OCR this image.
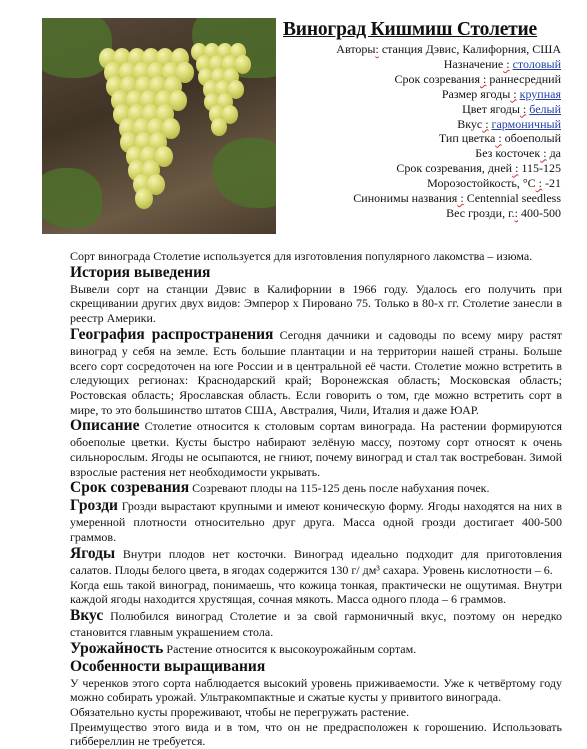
Виноград Кишмиш Столетие
Авторы: станция Дэвис, Калифорния, США
Назначение : столовый
Срок созревания : раннесредний
Размер ягоды : крупная
Цвет ягоды : белый
Вкус : гармоничный
Тип цветка : обоеполый
Без косточек : да
Срок созревания, дней : 115-125
Морозостойкость, °С : -21
Синонимы названия : Centennial seedless
Вес грозди, г.: 400-500

Сорт винограда Столетие используется для изготовления популярного лакомства – изюма.

История выведения

Вывели сорт на станции Дэвис в Калифорнии в 1966 году. Удалось его получить при скрещивании других двух видов: Эмперор х Пированo 75. Только в 80-х гг. Столетие занесли в реестр Америки.

География распространения Сегодня дачники и садоводы по всему миру растят виноград у себя на земле. Есть большие плантации и на территории нашей страны. Больше всего сорт сосредоточен на юге России и в центральной её части. Столетие можно встретить в следующих регионах: Краснодарский край; Воронежская область; Московская область; Ростовская область; Ярославская область. Если говорить о том, где можно встретить сорт в мире, то это большинство штатов США, Австралия, Чили, Италия и даже ЮАР.

Описание Столетие относится к столовым сортам винограда. На растении формируются обоеполые цветки. Кусты быстро набирают зелёную массу, поэтому сорт относят к очень сильнорослым. Ягоды не осыпаются, не гниют, почему виноград и стал так востребован. Зимой взрослые растения нет необходимости укрывать.

Срок созревания Созревают плоды на 115-125 день после набухания почек.

Грозди Грозди вырастают крупными и имеют коническую форму. Ягоды находятся на них в умеренной плотности относительно друг друга. Масса одной грозди достигает 400-500 граммов.

Ягоды Внутри плодов нет косточки. Виноград идеально подходит для приготовления салатов. Плоды белого цвета, в ягодах содержится 130 г/ дм³ сахара. Уровень кислотности – 6.

Когда ешь такой виноград, понимаешь, что кожица тонкая, практически не ощутимая. Внутри каждой ягоды находится хрустящая, сочная мякоть. Масса одного плода – 6 граммов.

Вкус Полюбился виноград Столетие и за свой гармоничный вкус, поэтому он нередко становится главным украшением стола.

Урожайность Растение относится к высокоурожайным сортам.

Особенности выращивания

У черенков этого сорта наблюдается высокий уровень приживаемости. Уже к четвёртому году можно собирать урожай. Ультракомпактные и сжатые кусты у привитого винограда.

Обязательно кусты прореживают, чтобы не перегружать растение.

Преимущество этого вида и в том, что он не предрасположен к горошению. Использовать гиббереллин не требуется.
